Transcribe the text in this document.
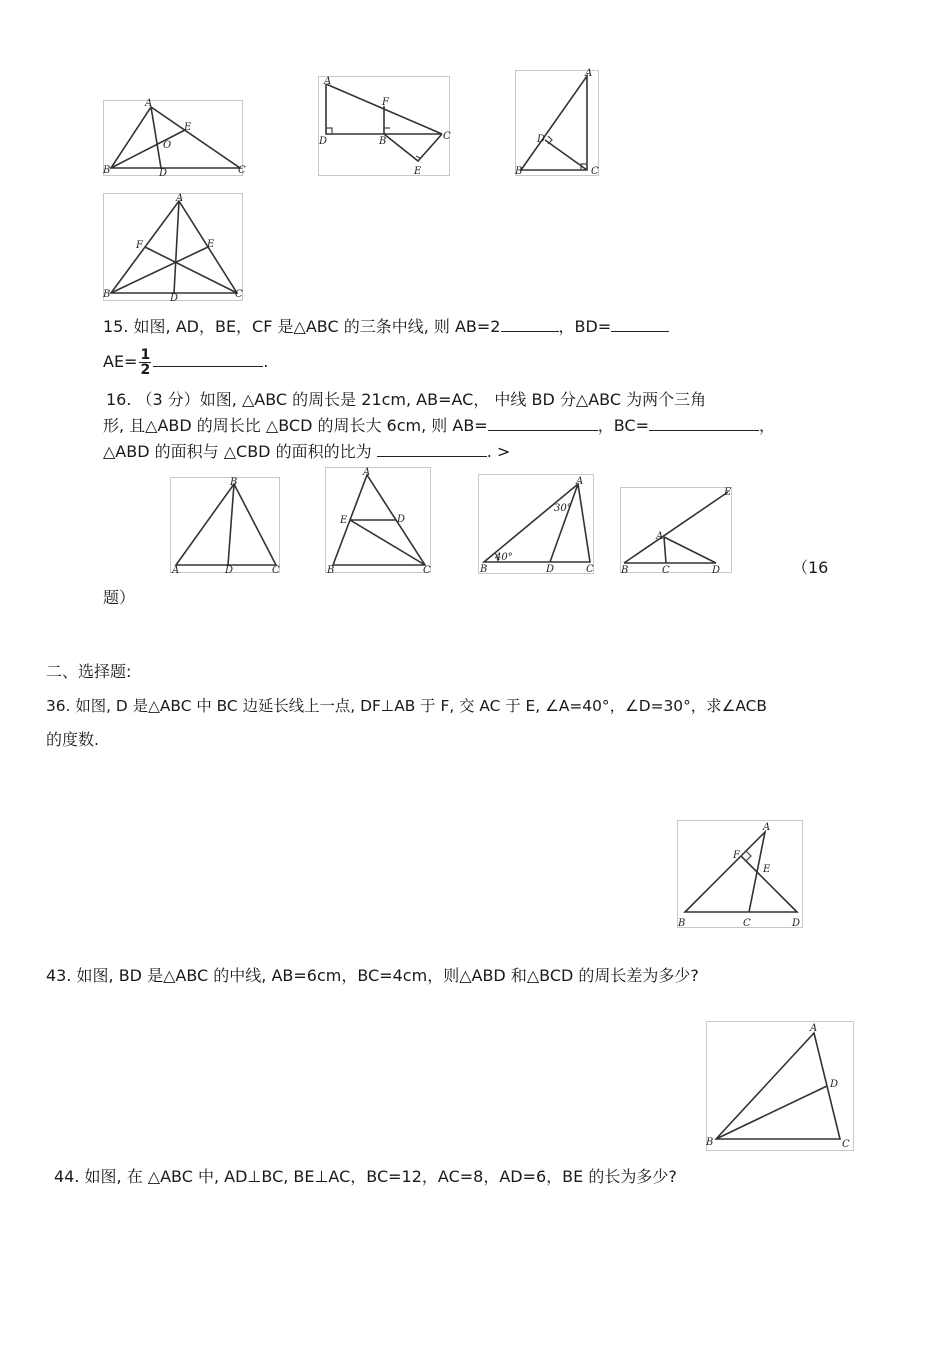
A
E
O
B	D	C
A
F
D	B	C
E
A
D
B	C
A
F	E
B	D	C
15. 如图, AD，BE，CF 是△ABC 的三条中线, 则 AB=2	，BD=
$AE= \frac{1}{2}$	.
16. （3 分）如图, △ABC 的周长是 21cm, AB=AC， 中线 BD 分△ABC 为两个三角
形, 且△ABD 的周长比 △BCD 的周长大 6cm, 则 AB=	，BC=	，
△ABD 的面积与 △CBD 的面积的比为	. >
B
A	D	C
A
E	D
B	C
A
30°
40°
B	D	C
E
A
B	C	D	（16
题）
二、选择题:
36. 如图, D 是△ABC 中 BC 边延长线上一点, DF⊥AB 于 F, 交 AC 于 E, ∠A=40°，∠D=30°，求∠ACB
的度数.
A
F
E
B	C	D
43. 如图, BD 是△ABC 的中线, AB=6cm，BC=4cm，则△ABD 和△BCD 的周长差为多少?
A
D
B	C
44. 如图, 在 △ABC 中, AD⊥BC, BE⊥AC，BC=12，AC=8，AD=6，BE 的长为多少?
